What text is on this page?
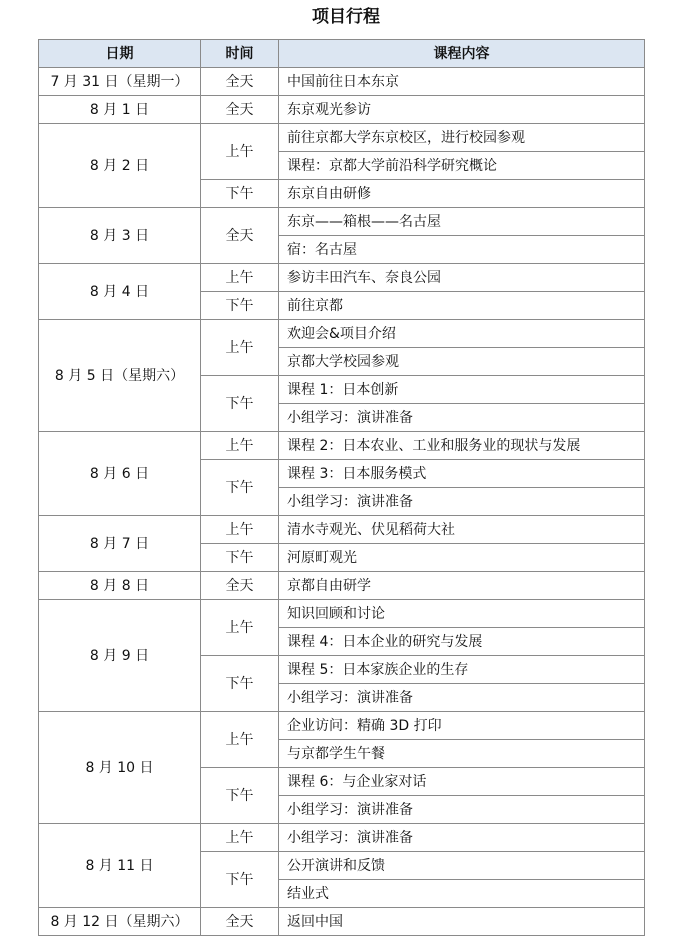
项目行程
日期	时间	课程内容
7 月 31 日（星期一）	全天	中国前往日本东京
8 月 1 日	全天	东京观光参访
8 月 2 日	上午	前往京都大学东京校区，进行校园参观
		课程：京都大学前沿科学研究概论
	下午	东京自由研修
8 月 3 日	全天	东京——箱根——名古屋
		宿：名古屋
8 月 4 日	上午	参访丰田汽车、奈良公园
	下午	前往京都
8 月 5 日（星期六）	上午	欢迎会&项目介绍
		京都大学校园参观
	下午	课程 1：日本创新
		小组学习：演讲准备
8 月 6 日	上午	课程 2：日本农业、工业和服务业的现状与发展
	下午	课程 3：日本服务模式
		小组学习：演讲准备
8 月 7 日	上午	清水寺观光、伏见稻荷大社
	下午	河原町观光
8 月 8 日	全天	京都自由研学
8 月 9 日	上午	知识回顾和讨论
		课程 4：日本企业的研究与发展
	下午	课程 5：日本家族企业的生存
		小组学习：演讲准备
8 月 10 日	上午	企业访问：精确 3D 打印
		与京都学生午餐
	下午	课程 6：与企业家对话
		小组学习：演讲准备
8 月 11 日	上午	小组学习：演讲准备
	下午	公开演讲和反馈
		结业式
8 月 12 日（星期六）	全天	返回中国
